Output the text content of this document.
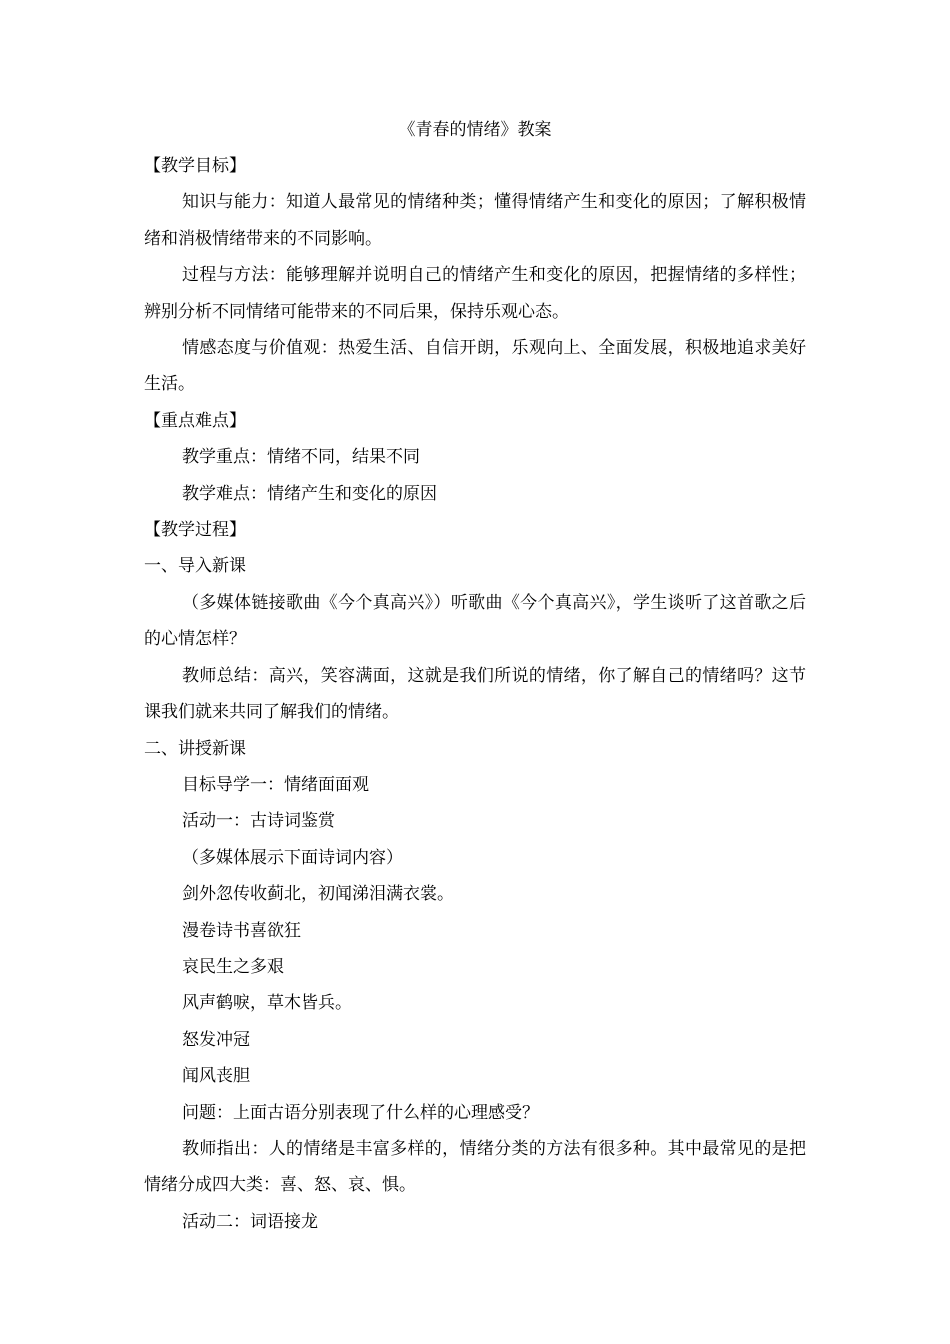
《青春的情绪》教案
【教学目标】
知识与能力：知道人最常见的情绪种类；懂得情绪产生和变化的原因；了解积极情绪和消极情绪带来的不同影响。
过程与方法：能够理解并说明自己的情绪产生和变化的原因，把握情绪的多样性；辨别分析不同情绪可能带来的不同后果，保持乐观心态。
情感态度与价值观：热爱生活、自信开朗，乐观向上、全面发展，积极地追求美好生活。
【重点难点】
教学重点：情绪不同，结果不同
教学难点：情绪产生和变化的原因
【教学过程】
一、导入新课
（多媒体链接歌曲《今个真高兴》）听歌曲《今个真高兴》，学生谈听了这首歌之后的心情怎样？
教师总结：高兴，笑容满面，这就是我们所说的情绪，你了解自己的情绪吗？这节课我们就来共同了解我们的情绪。
二、讲授新课
目标导学一：情绪面面观
活动一：古诗词鉴赏
（多媒体展示下面诗词内容）
剑外忽传收蓟北，初闻涕泪满衣裳。
漫卷诗书喜欲狂
哀民生之多艰
风声鹤唳，草木皆兵。
怒发冲冠
闻风丧胆
问题：上面古语分别表现了什么样的心理感受？
教师指出：人的情绪是丰富多样的，情绪分类的方法有很多种。其中最常见的是把情绪分成四大类：喜、怒、哀、惧。
活动二：词语接龙
